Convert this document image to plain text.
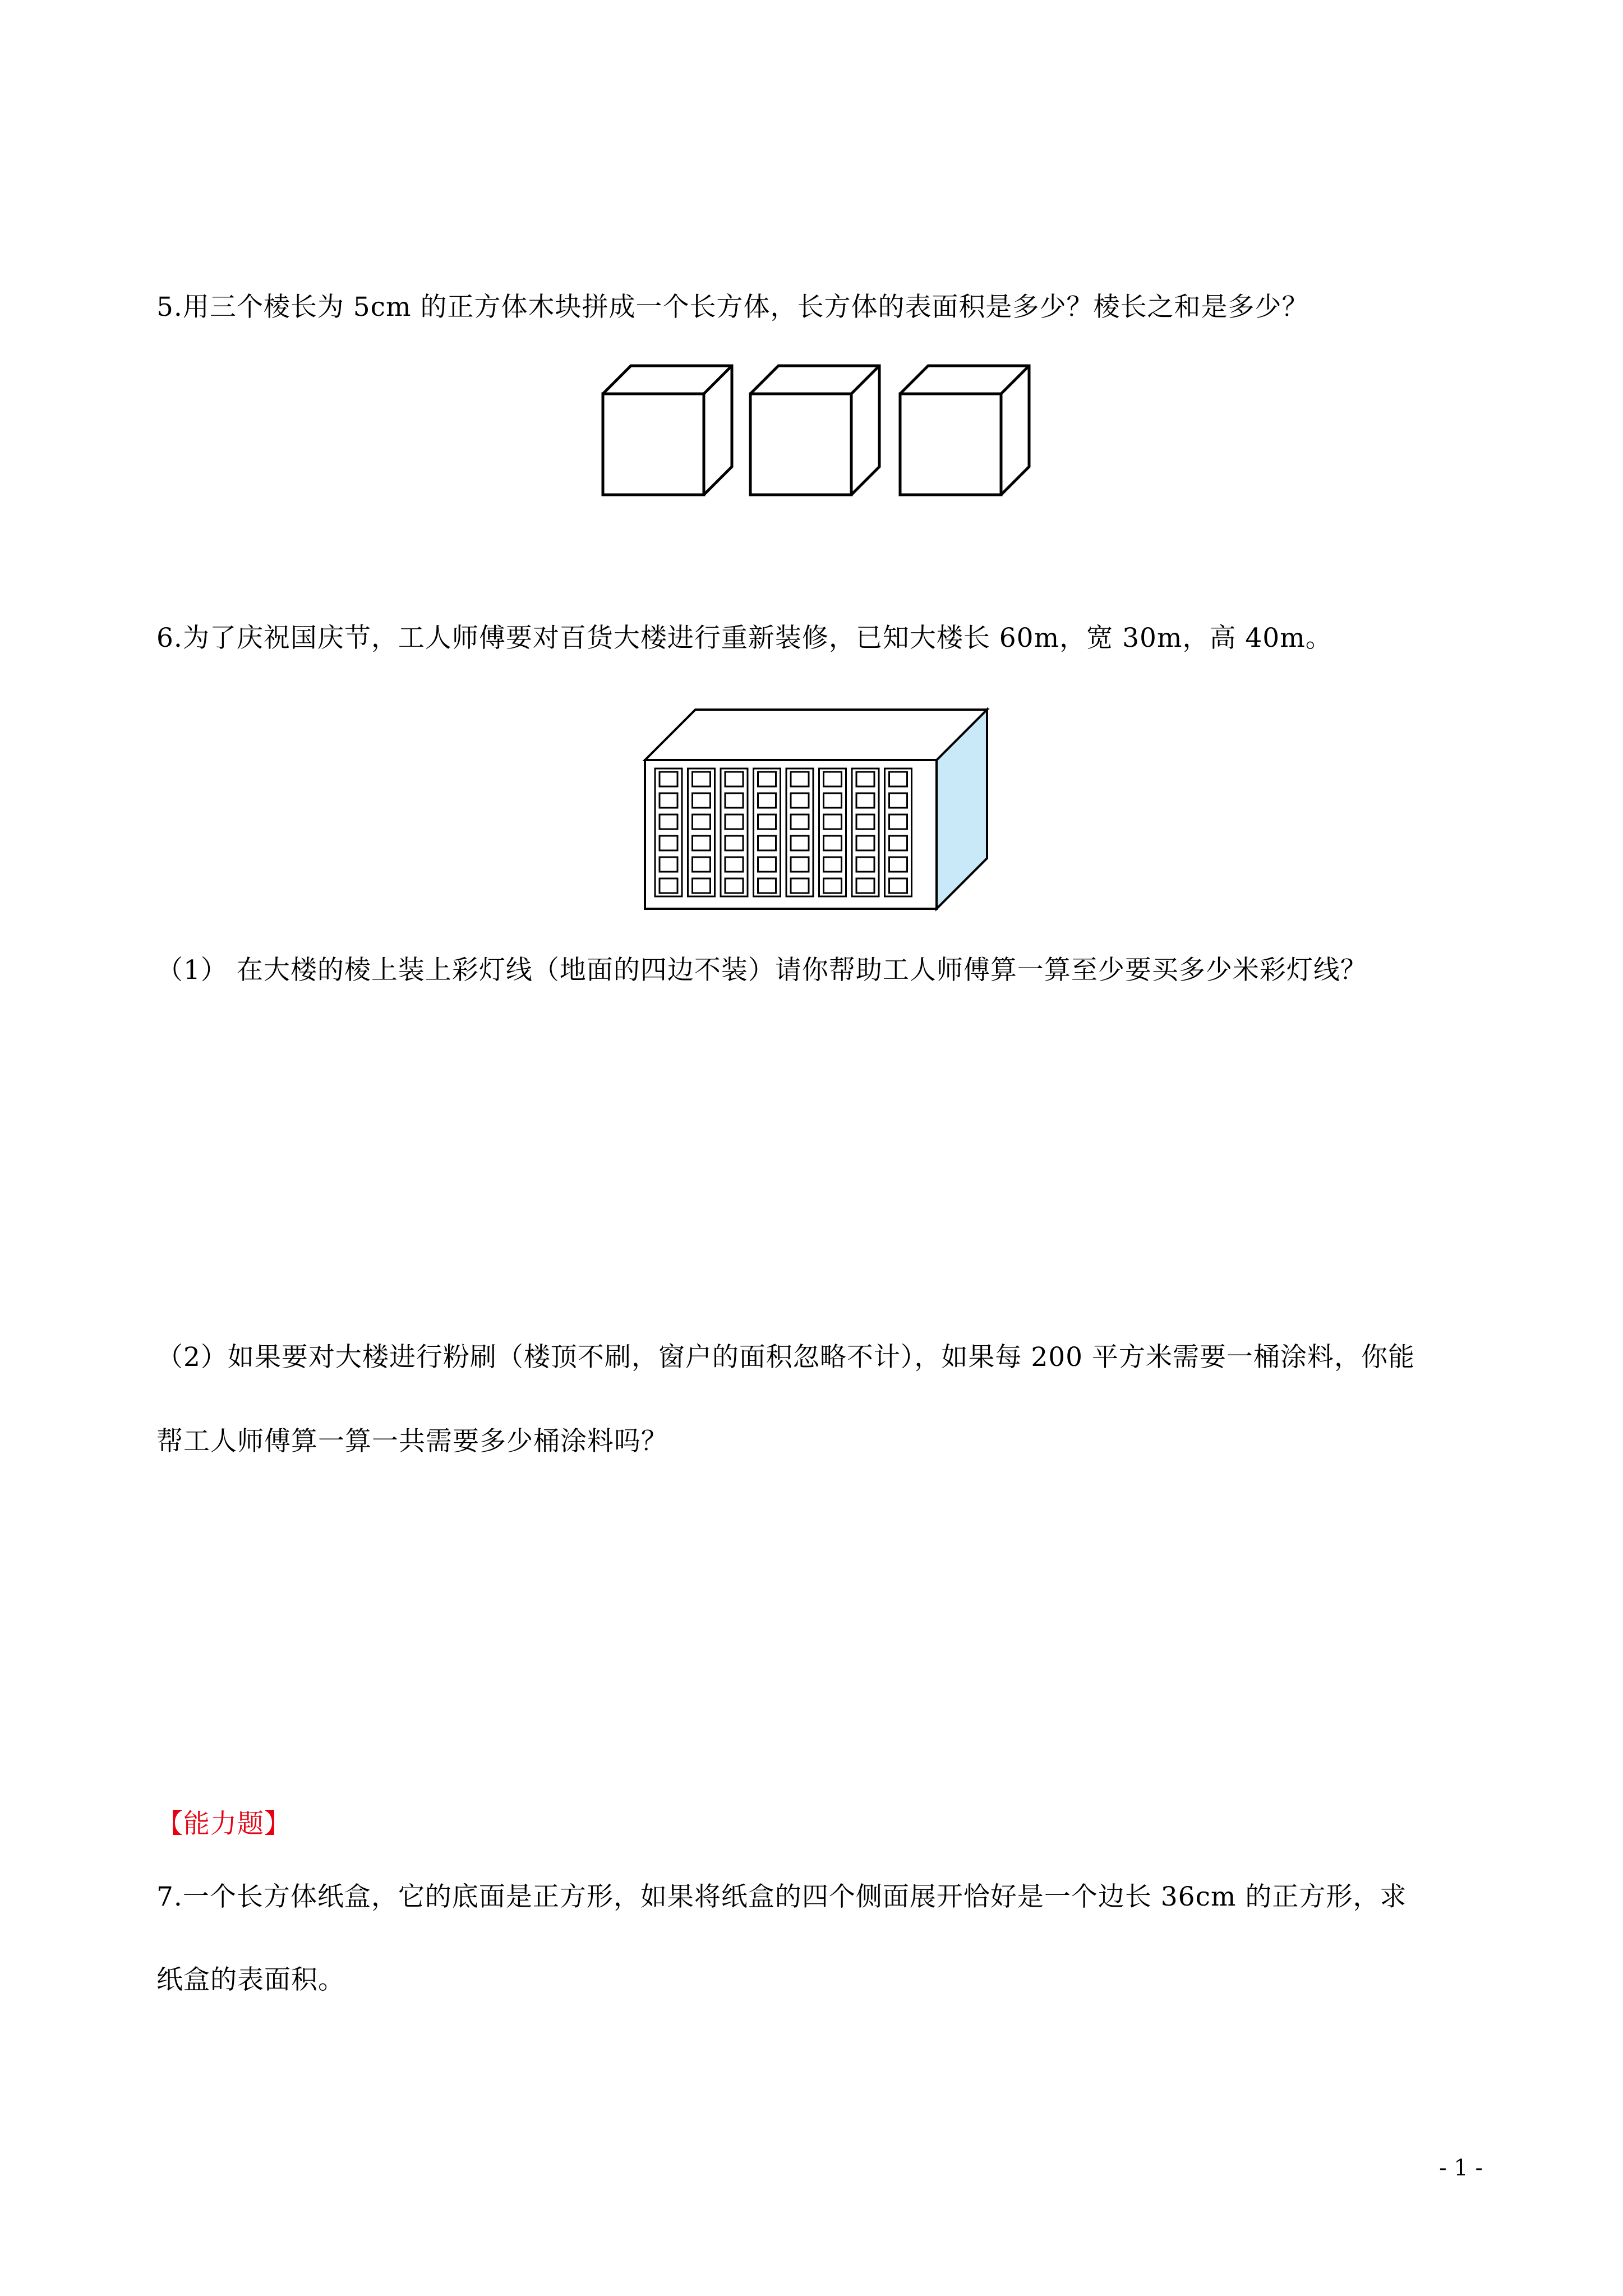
5.用三个棱长为 5cm 的正方体木块拼成一个长方体，长方体的表面积是多少？棱长之和是多少？
6.为了庆祝国庆节，工人师傅要对百货大楼进行重新装修，已知大楼长 60m，宽 30m，高 40m。
（1） 在大楼的棱上装上彩灯线（地面的四边不装）请你帮助工人师傅算一算至少要买多少米彩灯线？
（2）如果要对大楼进行粉刷（楼顶不刷，窗户的面积忽略不计），如果每 200 平方米需要一桶涂料，你能
帮工人师傅算一算一共需要多少桶涂料吗？
【能力题】
7.一个长方体纸盒，它的底面是正方形，如果将纸盒的四个侧面展开恰好是一个边长 36cm 的正方形，求
纸盒的表面积。
- 1 -
